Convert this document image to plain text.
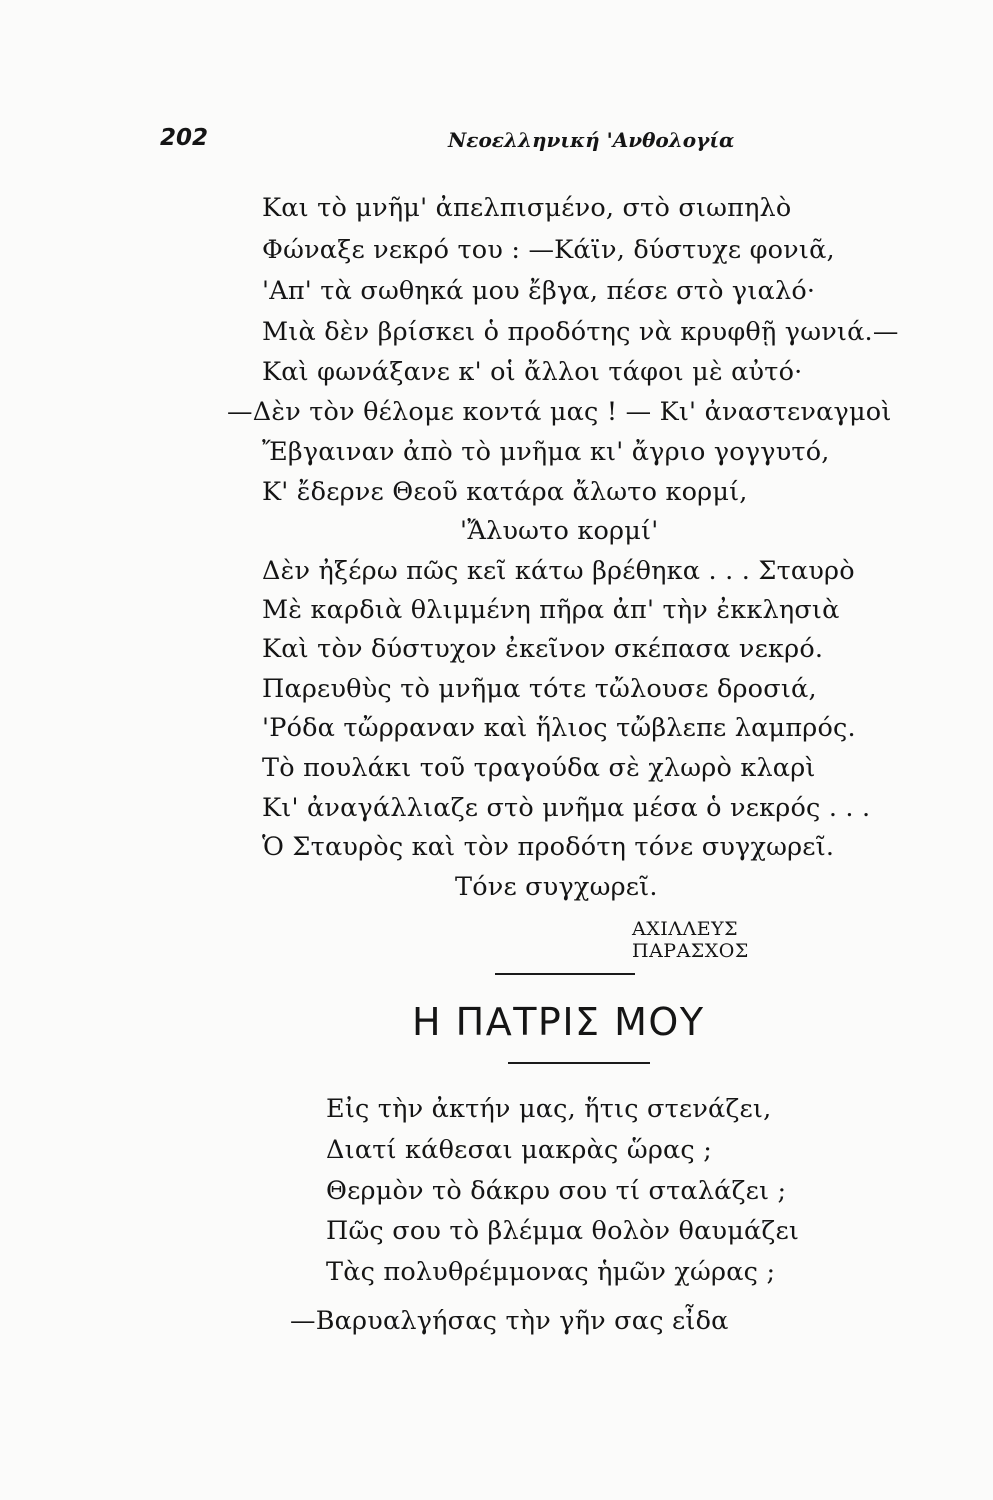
202	Νεοελληνική 'Ανθολογία
Και τὸ μνῆμ' ἀπελπισμένο, στὸ σιωπηλὸ
Φώναξε νεκρό του : —Κάϊν, δύστυχε φονιᾶ,
'Απ' τὰ σωθηκά μου ἔβγα, πέσε στὸ γιαλό·
Μιὰ δὲν βρίσκει ὁ προδότης νὰ κρυφθῇ γωνιά.—
Καὶ φωνάξανε κ' οἱ ἄλλοι τάφοι μὲ αὐτό·
—Δὲν τὸν θέλομε κοντά μας ! — Κι' ἀναστεναγμοὶ
Ἔβγαιναν ἀπὸ τὸ μνῆμα κι' ἄγριο γογγυτό,
Κ' ἔδερνε Θεοῦ κατάρα ἄλωτο κορμί,
'Ἄλυωτο κορμί'
Δὲν ἠξέρω πῶς κεῖ κάτω βρέθηκα . . . Σταυρὸ
Μὲ καρδιὰ θλιμμένη πῆρα ἀπ' τὴν ἐκκλησιὰ
Καὶ τὸν δύστυχον ἐκεῖνον σκέπασα νεκρό.
Παρευθὺς τὸ μνῆμα τότε τὤλουσε δροσιά,
'Ρόδα τὤρραναν καὶ ἥλιος τὤβλεπε λαμπρός.
Τὸ πουλάκι τοῦ τραγούδα σὲ χλωρὸ κλαρὶ
Κι' ἀναγάλλιαζε στὸ μνῆμα μέσα ὁ νεκρός . . .
Ὁ Σταυρὸς καὶ τὸν προδότη τόνε συγχωρεῖ.
Τόνε συγχωρεῖ.
ΑΧΙΛΛΕΥΣ ΠΑΡΑΣΧΟΣ
Η ΠΑΤΡΙΣ ΜΟΥ
Εἰς τὴν ἀκτήν μας, ἥτις στενάζει,
Διατί κάθεσαι μακρὰς ὥρας ;
Θερμὸν τὸ δάκρυ σου τί σταλάζει ;
Πῶς σου τὸ βλέμμα θολὸν θαυμάζει
Τὰς πολυθρέμμονας ἡμῶν χώρας ;
—Βαρυαλγήσας τὴν γῆν σας εἶδα
